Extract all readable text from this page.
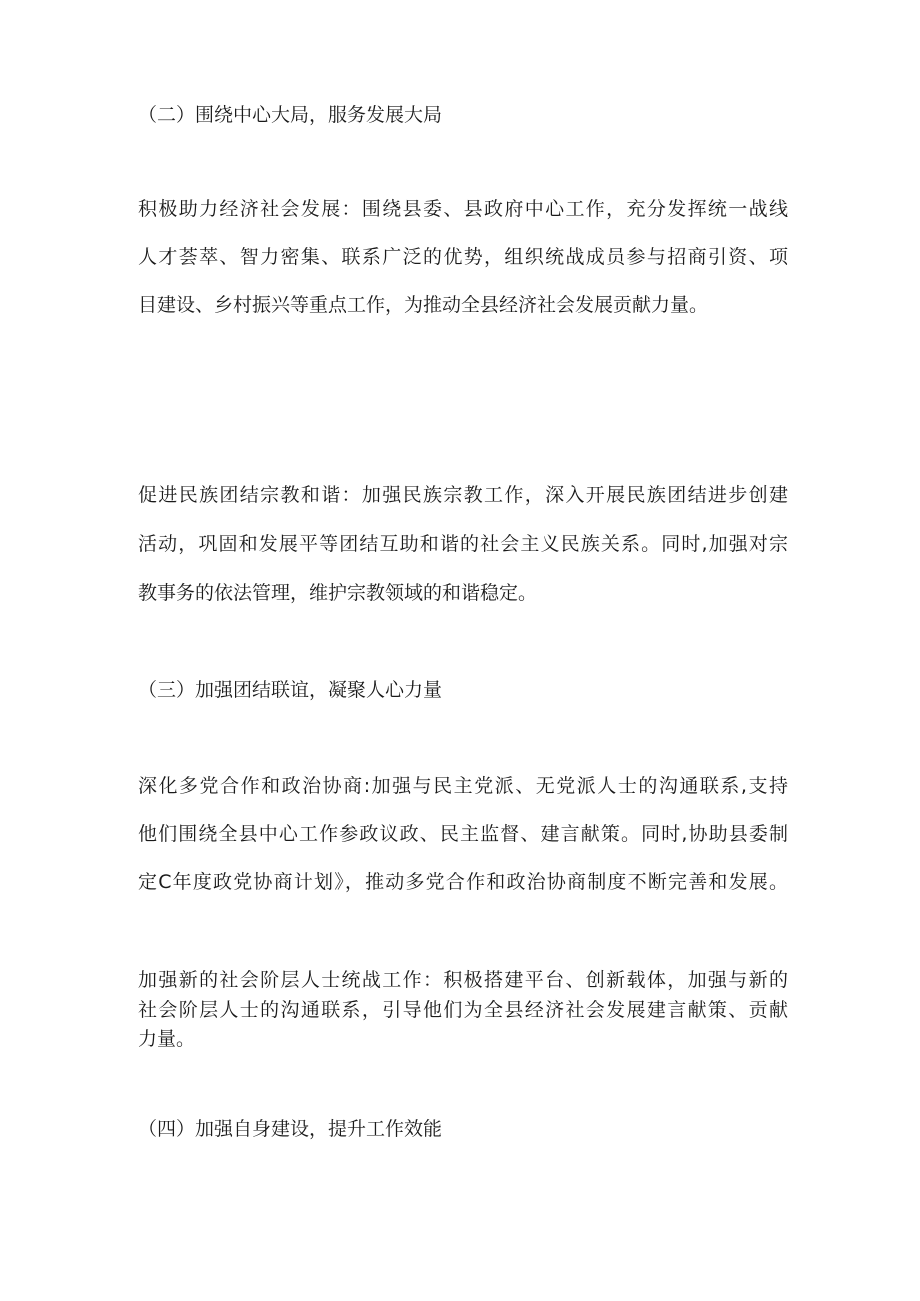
（二）围绕中心大局，服务发展大局

积极助力经济社会发展：围绕县委、县政府中心工作，充分发挥统一战线

人才荟萃、智力密集、联系广泛的优势，组织统战成员参与招商引资、项

目建设、乡村振兴等重点工作，为推动全县经济社会发展贡献力量。

促进民族团结宗教和谐：加强民族宗教工作，深入开展民族团结进步创建

活动，巩固和发展平等团结互助和谐的社会主义民族关系。同时,加强对宗

教事务的依法管理，维护宗教领域的和谐稳定。

（三）加强团结联谊，凝聚人心力量

深化多党合作和政治协商:加强与民主党派、无党派人士的沟通联系,支持

他们围绕全县中心工作参政议政、民主监督、建言献策。同时,协助县委制

定C年度政党协商计划》，推动多党合作和政治协商制度不断完善和发展。

加强新的社会阶层人士统战工作：积极搭建平台、创新载体，加强与新的

社会阶层人士的沟通联系，引导他们为全县经济社会发展建言献策、贡献

力量。

（四）加强自身建设，提升工作效能
